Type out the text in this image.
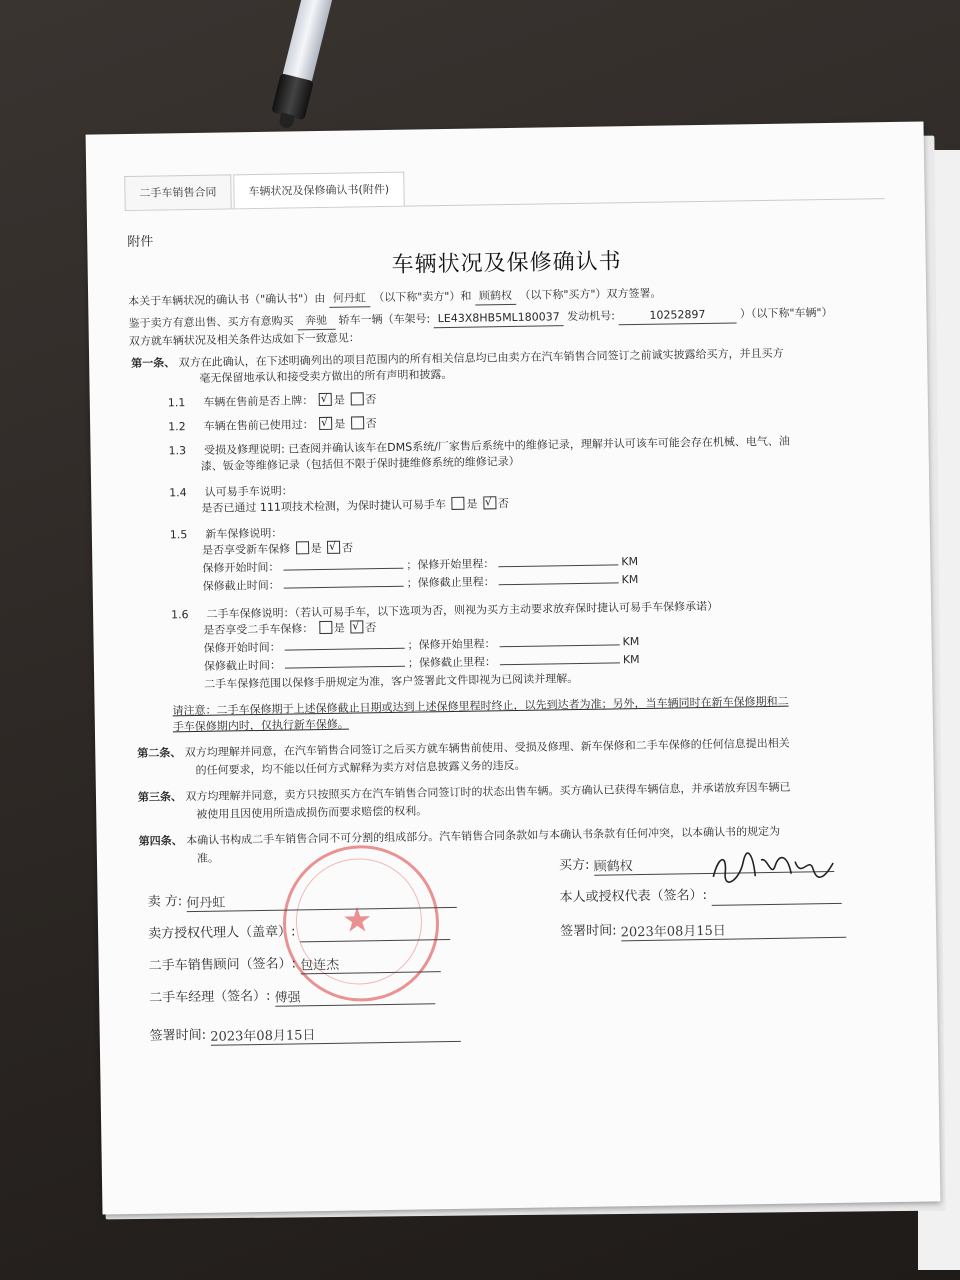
二手车销售合同	车辆状况及保修确认书(附件)
附件
车辆状况及保修确认书
本关于车辆状况的确认书（"确认书"）由 何丹虹 （以下称"卖方"）和 顾鹤权 （以下称"买方"）双方签署。
鉴于卖方有意出售、买方有意购买 奔驰 轿车一辆（车架号: LE43X8HB5ML180037 发动机号:	10252897	）（以下称"车辆"）
双方就车辆状况及相关条件达成如下一致意见：
第一条、 双方在此确认，在下述明确列出的项目范围内的所有相关信息均已由卖方在汽车销售合同签订之前诚实披露给买方，并且买方
毫无保留地承认和接受卖方做出的所有声明和披露。
1.1 车辆在售前是否上牌： √ 是 否
1.2 车辆在售前已使用过： √ 是 否
1.3 受损及修理说明: 已查阅并确认该车在DMS系统/厂家售后系统中的维修记录，理解并认可该车可能会存在机械、电气、油
漆、钣金等维修记录（包括但不限于保时捷维修系统的维修记录）
1.4 认可易手车说明：
是否已通过 111项技术检测，为保时捷认可易手车 是 √ 否
1.5 新车保修说明：
是否享受新车保修 是 √ 否
保修开始时间：	；保修开始里程：	KM
保修截止时间：	；保修截止里程：	KM
1.6 二手车保修说明：（若认可易手车，以下选项为否，则视为买方主动要求放弃保时捷认可易手车保修承诺）
是否享受二手车保修： 是 √ 否
保修开始时间：	；保修开始里程：	KM
保修截止时间：	；保修截止里程：	KM
二手车保修范围以保修手册规定为准，客户签署此文件即视为已阅读并理解。
请注意：二手车保修期于上述保修截止日期或达到上述保修里程时终止，以先到达者为准；另外，当车辆同时在新车保修期和二
手车保修期内时，仅执行新车保修。
第二条、 双方均理解并同意，在汽车销售合同签订之后买方就车辆售前使用、受损及修理、新车保修和二手车保修的任何信息提出相关
的任何要求，均不能以任何方式解释为卖方对信息披露义务的违反。
第三条、 双方均理解并同意，卖方只按照买方在汽车销售合同签订时的状态出售车辆。买方确认已获得车辆信息，并承诺放弃因车辆已
被使用且因使用所造成损伤而要求赔偿的权利。
第四条、 本确认书构成二手车销售合同不可分割的组成部分。汽车销售合同条款如与本确认书条款有任何冲突，以本确认书的规定为
准。
★
卖 方: 何丹虹
卖方授权代理人（盖章）:
二手车销售顾问（签名）: 包连杰
二手车经理（签名）: 傅强
签署时间: 2023年08月15日
买方: 顾鹤权
本人或授权代表（签名）:
签署时间: 2023年08月15日
